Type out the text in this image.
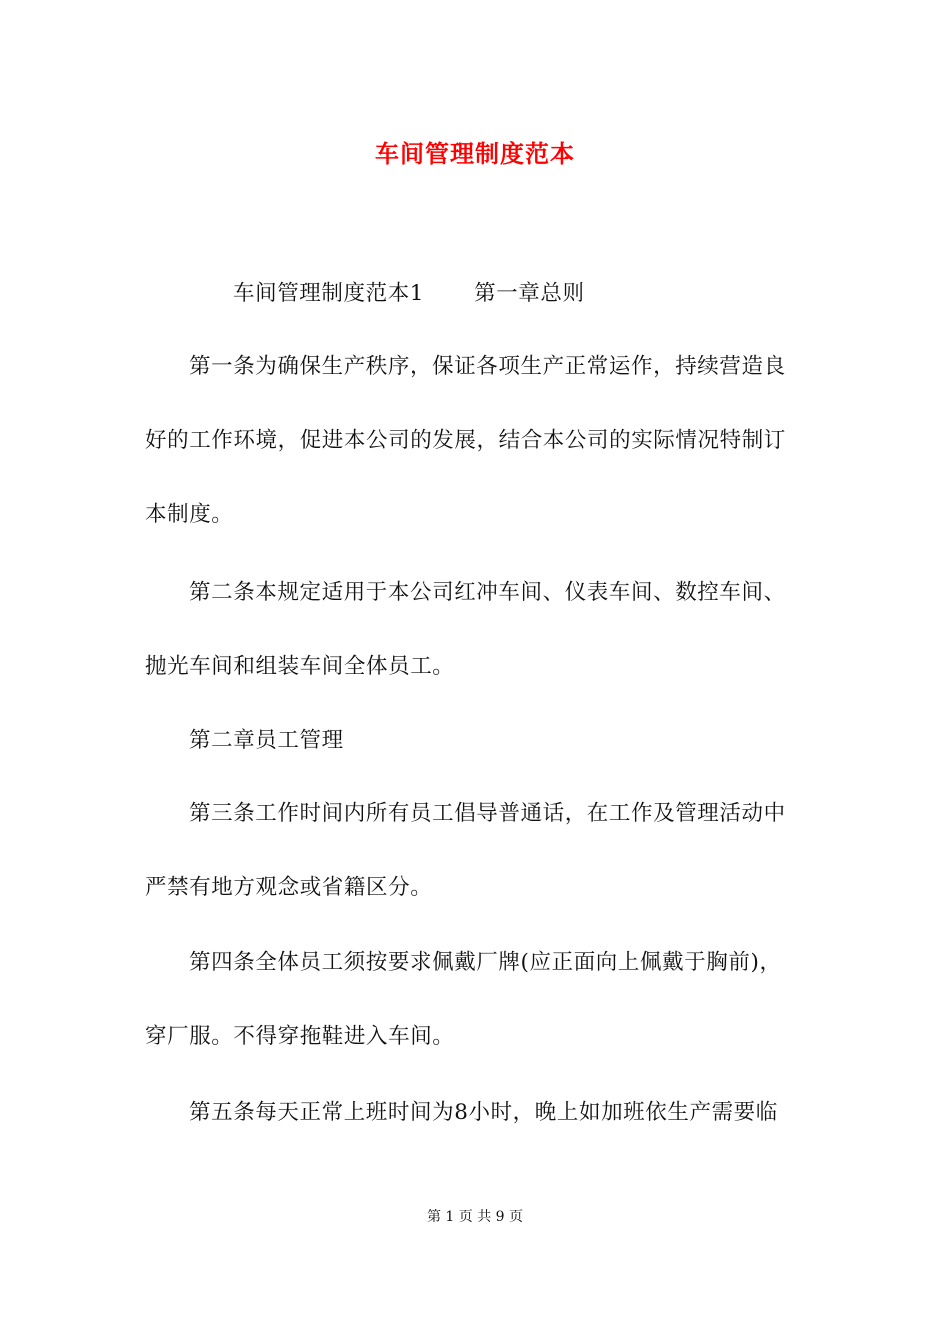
车间管理制度范本
车间管理制度范本1 第一章总则
第一条为确保生产秩序，保证各项生产正常运作，持续营造良
好的工作环境，促进本公司的发展，结合本公司的实际情况特制订
本制度。
第二条本规定适用于本公司红冲车间、仪表车间、数控车间、
抛光车间和组装车间全体员工。
第二章员工管理
第三条工作时间内所有员工倡导普通话，在工作及管理活动中
严禁有地方观念或省籍区分。
第四条全体员工须按要求佩戴厂牌(应正面向上佩戴于胸前)，
穿厂服。不得穿拖鞋进入车间。
第五条每天正常上班时间为8小时，晚上如加班依生产需要临
第 1 页 共 9 页
